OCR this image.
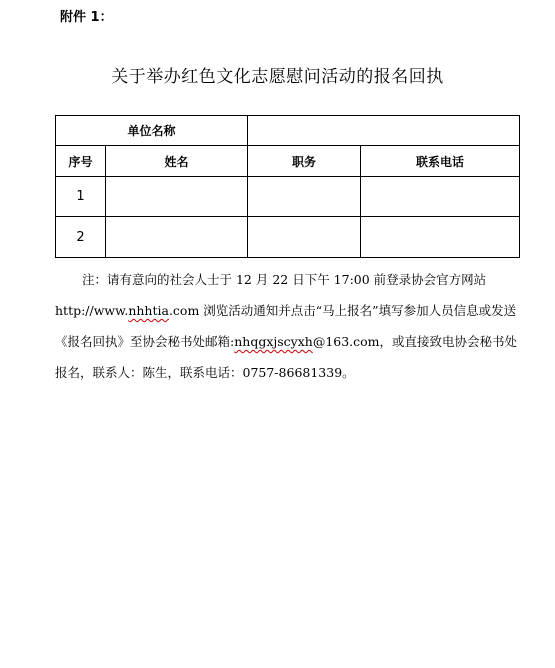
附件 1：
关于举办红色文化志愿慰问活动的报名回执
单位名称			
序号	姓名	职务	联系电话
1			
2			
注：请有意向的社会人士于 12 月 22 日下午 17:00 前登录协会官方网站 http://www.nhhtia.com 浏览活动通知并点击“马上报名”填写参加人员信息或发送《报名回执》至协会秘书处邮箱:nhqgxjscyxh@163.com，或直接致电协会秘书处报名，联系人：陈生，联系电话：0757-86681339。
